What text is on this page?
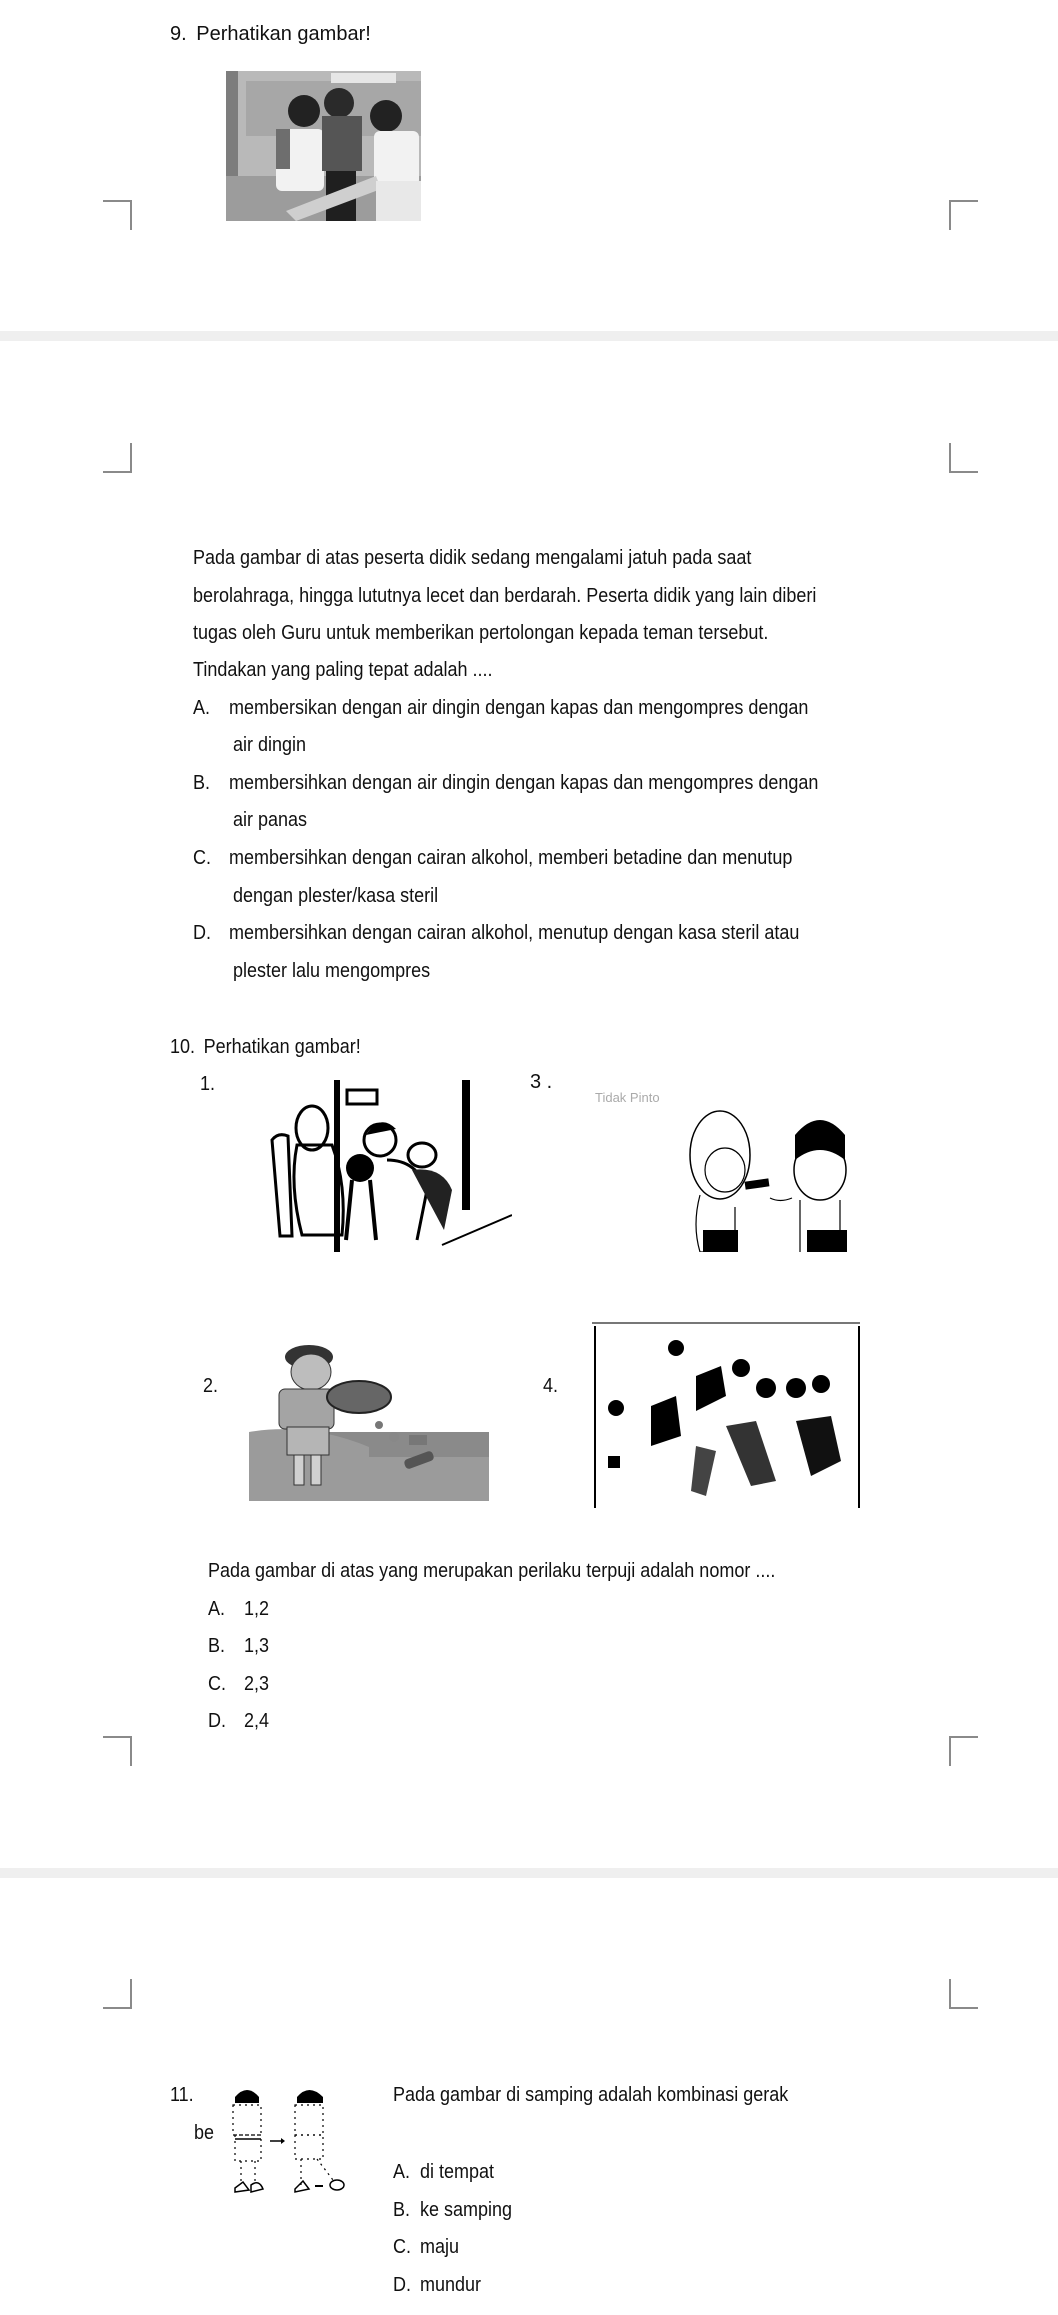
9. Perhatikan gambar!
Pada gambar di atas peserta didik sedang mengalami jatuh pada saat
berolahraga, hingga lututnya lecet dan berdarah. Peserta didik yang lain diberi
tugas oleh Guru untuk memberikan pertolongan kepada teman tersebut.
Tindakan yang paling tepat adalah ....
A. membersikan dengan air dingin dengan kapas dan mengompres dengan
air dingin
B. membersihkan dengan air dingin dengan kapas dan mengompres dengan
air panas
C. membersihkan dengan cairan alkohol, memberi betadine dan menutup
dengan plester/kasa steril
D. membersihkan dengan cairan alkohol, menutup dengan kasa steril atau
plester lalu mengompres
10. Perhatikan gambar!
1.	3 .
Tidak Pinto
2.	4.
Pada gambar di atas yang merupakan perilaku terpuji adalah nomor ....
A. 1,2
B. 1,3
C. 2,3
D. 2,4
11.
be
Pada gambar di samping adalah kombinasi gerak
A. di tempat
B. ke samping
C. maju
D. mundur
